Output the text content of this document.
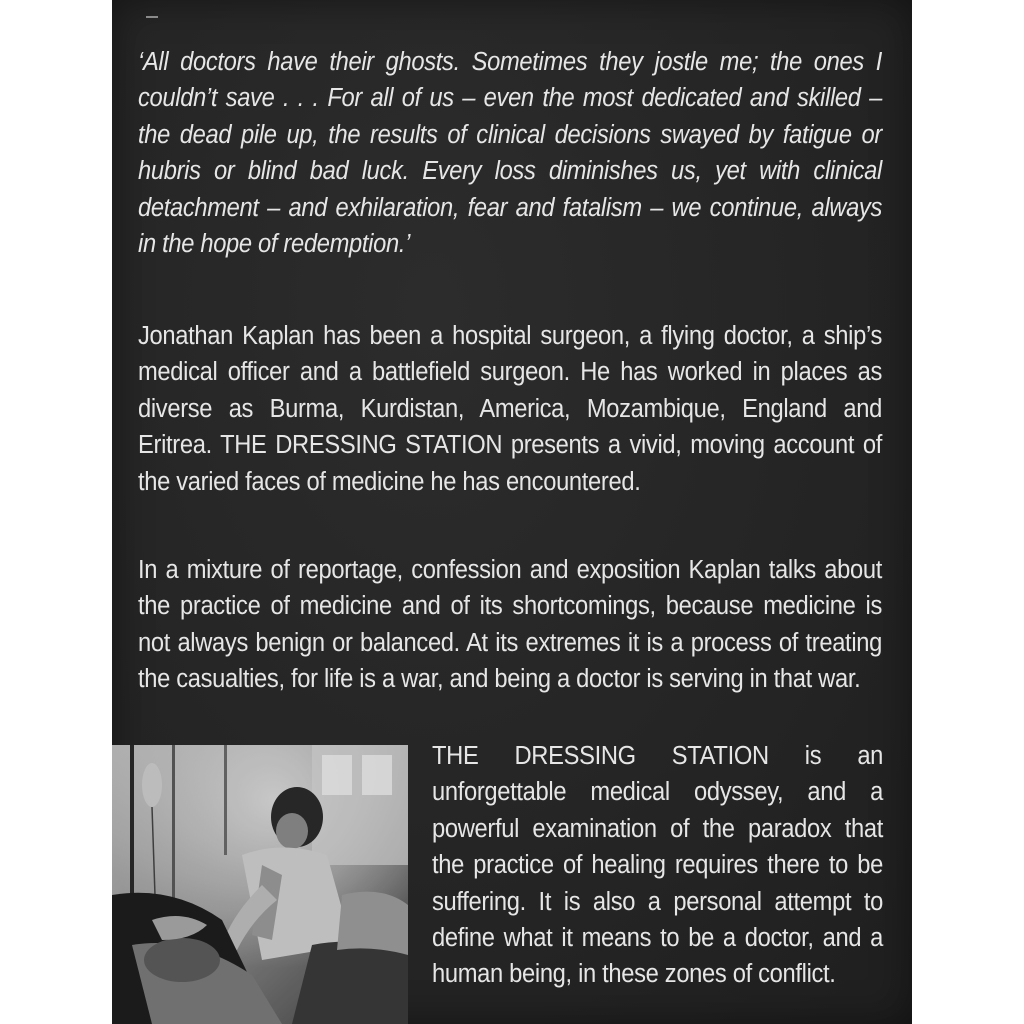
‘All doctors have their ghosts. Sometimes they jostle me; the ones I couldn’t save . . . For all of us – even the most dedicated and skilled – the dead pile up, the results of clinical decisions swayed by fatigue or hubris or blind bad luck. Every loss diminishes us, yet with clinical detachment – and exhilaration, fear and fatalism – we continue, always in the hope of redemption.’

Jonathan Kaplan has been a hospital surgeon, a flying doctor, a ship’s medical officer and a battlefield surgeon. He has worked in places as diverse as Burma, Kurdistan, America, Mozambique, England and Eritrea. THE DRESSING STATION presents a vivid, moving account of the varied faces of medicine he has encountered.

In a mixture of reportage, confession and exposition Kaplan talks about the practice of medicine and of its shortcomings, because medicine is not always benign or balanced. At its extremes it is a process of treating the casualties, for life is a war, and being a doctor is serving in that war.

THE DRESSING STATION is an unforgettable medical odyssey, and a powerful examination of the paradox that the practice of healing requires there to be suffering. It is also a personal attempt to define what it means to be a doctor, and a human being, in these zones of conflict.
